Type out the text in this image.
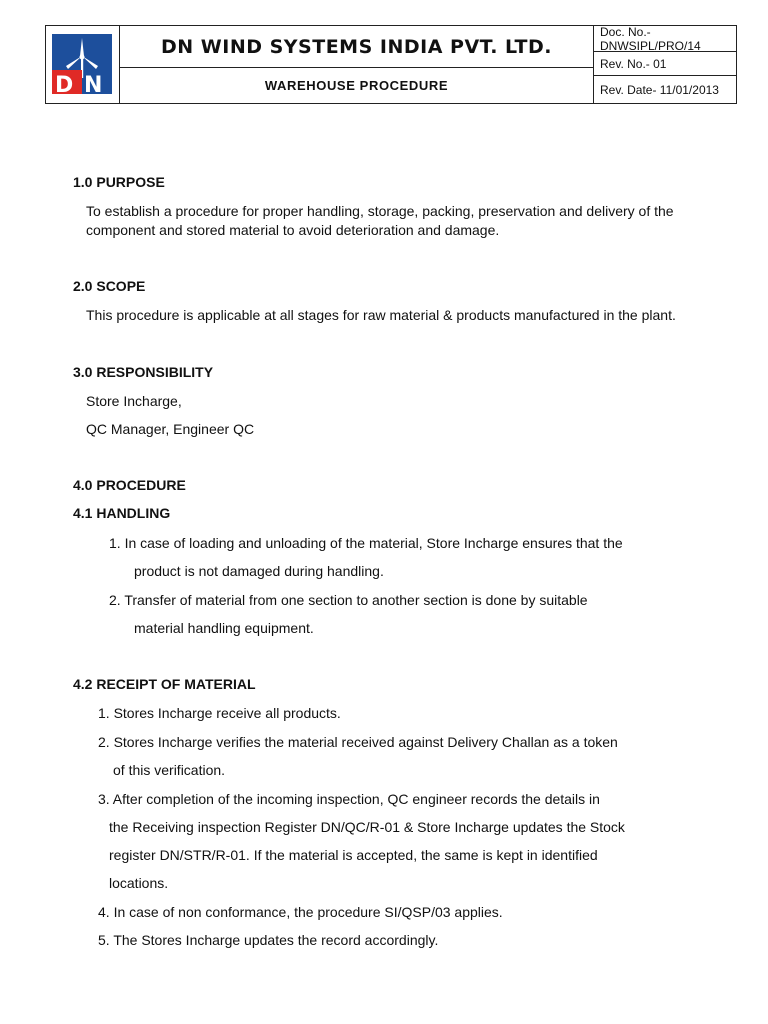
D N
DN WIND SYSTEMS INDIA PVT. LTD.
WAREHOUSE PROCEDURE
Doc. No.- DNWSIPL/PRO/14
Rev. No.- 01
Rev. Date- 11/01/2013
1.0 PURPOSE
To establish a procedure for proper handling, storage, packing, preservation and delivery of the
component and stored material to avoid deterioration and damage.
2.0 SCOPE
This procedure is applicable at all stages for raw material & products manufactured in the plant.
3.0 RESPONSIBILITY
Store Incharge,
QC Manager, Engineer QC
4.0 PROCEDURE
4.1 HANDLING
1. In case of loading and unloading of the material, Store Incharge ensures that the
product is not damaged during handling.
2. Transfer of material from one section to another section is done by suitable
material handling equipment.
4.2 RECEIPT OF MATERIAL
1. Stores Incharge receive all products.
2. Stores Incharge verifies the material received against Delivery Challan as a token
of this verification.
3. After completion of the incoming inspection, QC engineer records the details in
the Receiving inspection Register DN/QC/R-01 & Store Incharge updates the Stock
register DN/STR/R-01. If the material is accepted, the same is kept in identified
locations.
4. In case of non conformance, the procedure SI/QSP/03 applies.
5. The Stores Incharge updates the record accordingly.
